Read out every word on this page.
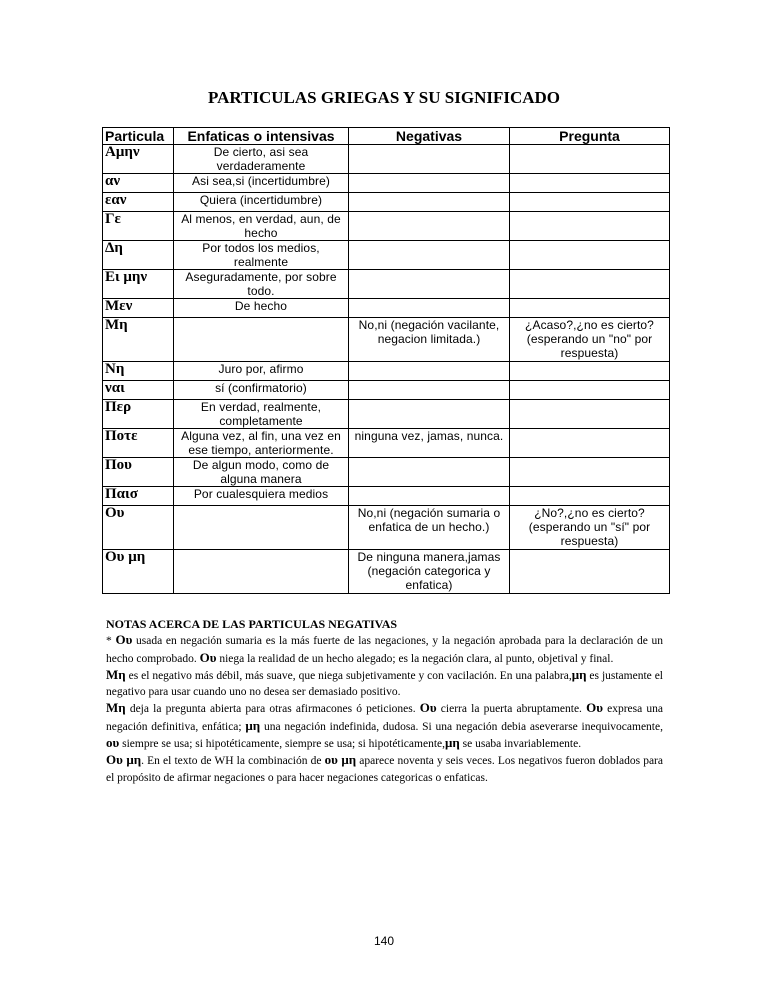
PARTICULAS GRIEGAS Y SU SIGNIFICADO
Particula	Enfaticas o intensivas	Negativas	Pregunta
Αμην	De cierto, asi sea verdaderamente		
αν	Asi sea,si (incertidumbre)		
εαν	Quiera (incertidumbre)		
Γε	Al menos, en verdad, aun, de hecho		
Δη	Por todos los medios, realmente		
Ει μην	Aseguradamente, por sobre todo.		
Μεν	De hecho		
Μη		No,ni (negación vacilante, negacion limitada.)	¿Acaso?,¿no es cierto? (esperando un "no" por respuesta)
Νη	Juro por, afirmo		
ναι	sí (confirmatorio)		
Περ	En verdad, realmente, completamente		
Ποτε	Alguna vez, al fin, una vez en ese tiempo, anteriormente.	ninguna vez, jamas, nunca.	
Που	De algun modo, como de alguna manera		
Παισ	Por cualesquiera medios		
Ου		No,ni (negación sumaria o enfatica de un hecho.)	¿No?,¿no es cierto? (esperando un "sí" por respuesta)
Ου μη		De ninguna manera,jamas (negación categorica y enfatica)	
NOTAS ACERCA DE LAS PARTICULAS NEGATIVAS

* Ου usada en negación sumaria es la más fuerte de las negaciones, y la negación aprobada para la declaración de un hecho comprobado. Ου niega la realidad de un hecho alegado; es la negación clara, al punto, objetival y final.

Μη es el negativo más débil, más suave, que niega subjetivamente y con vacilación. En una palabra,μη es justamente el negativo para usar cuando uno no desea ser demasiado positivo.

Μη deja la pregunta abierta para otras afirmacones ó peticiones. Ου cierra la puerta abruptamente. Ου expresa una negación definitiva, enfática; μη una negación indefinida, dudosa. Si una negación debia aseverarse inequivocamente, ου siempre se usa; si hipotéticamente, siempre se usa; si hipotéticamente,μη se usaba invariablemente.

Ου μη. En el texto de WH la combinación de ου μη aparece noventa y seis veces. Los negativos fueron doblados para el propósito de afirmar negaciones o para hacer negaciones categoricas o enfaticas.

140
